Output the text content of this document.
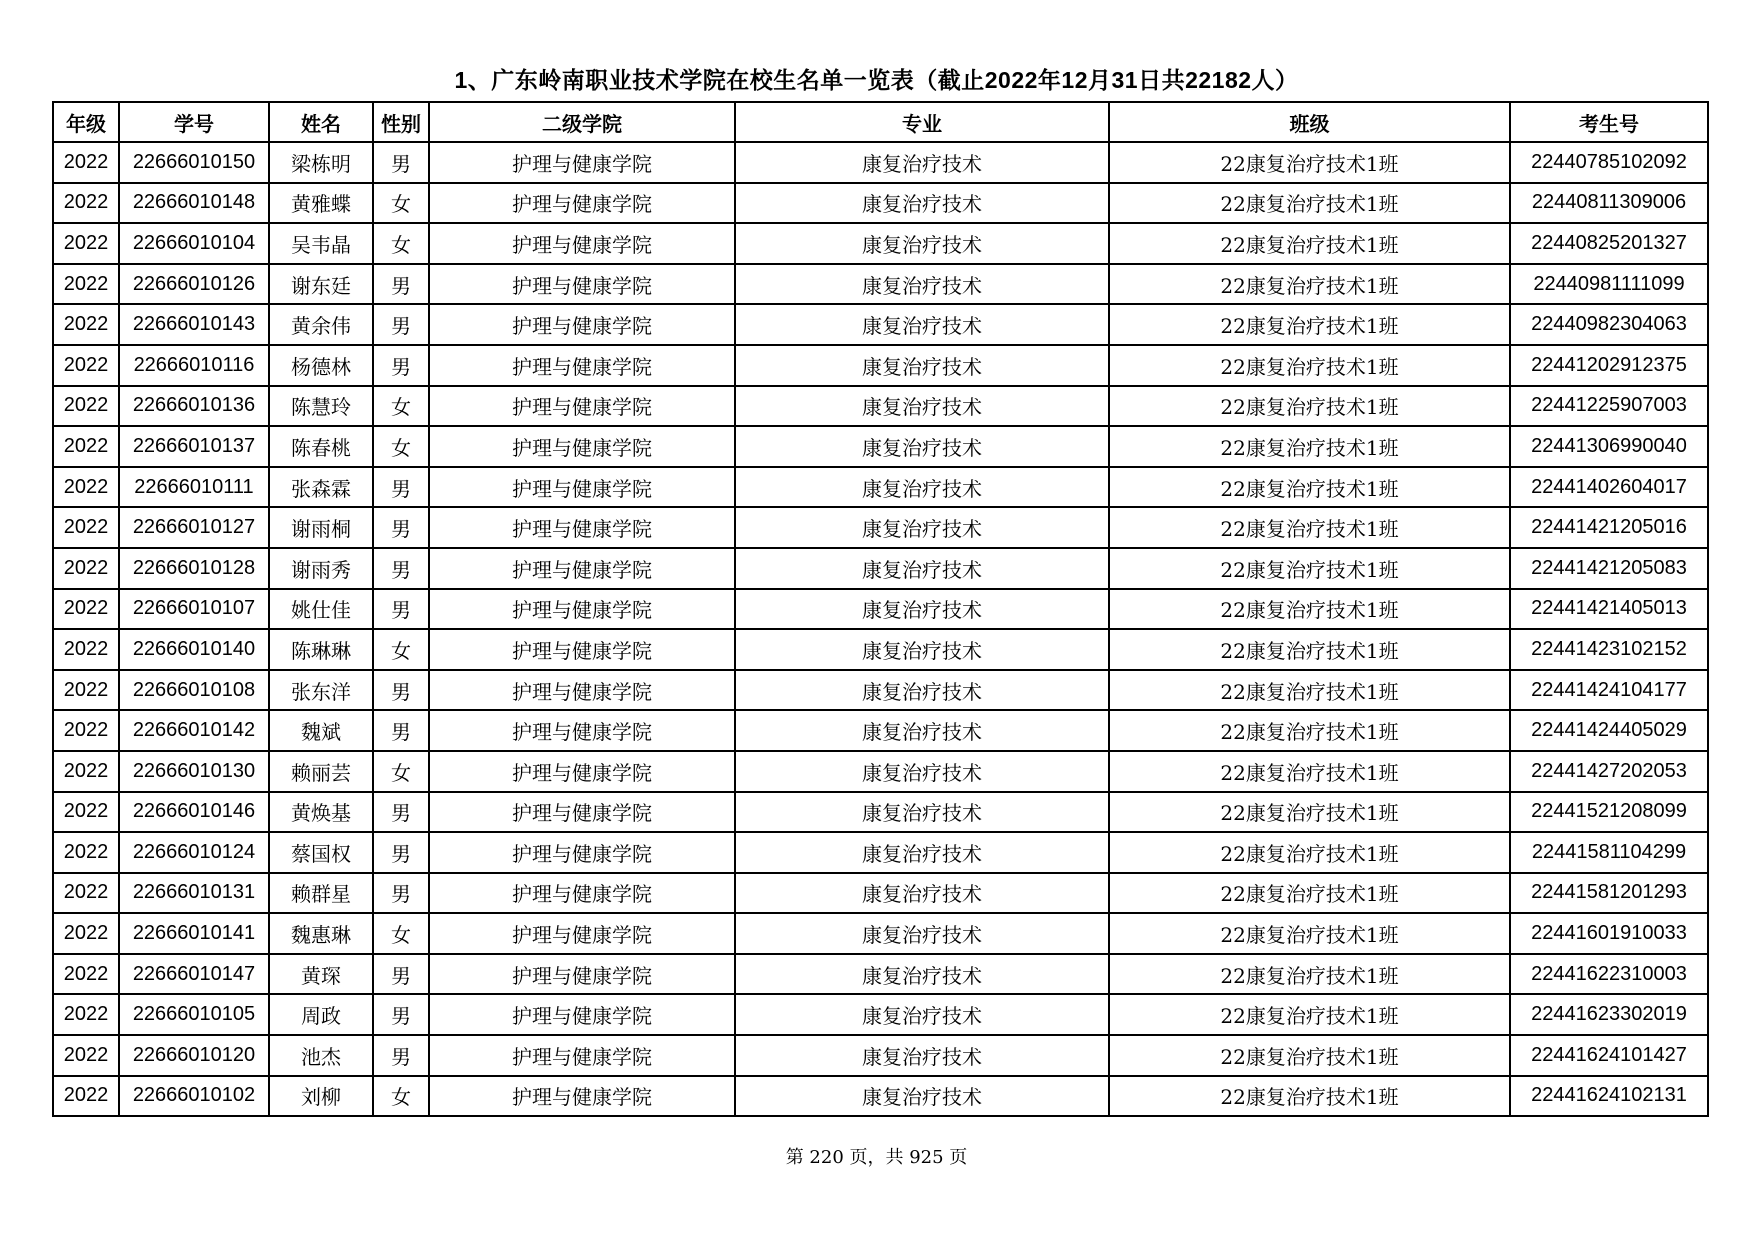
1、广东岭南职业技术学院在校生名单一览表（截止2022年12月31日共22182人）
年级	学号	姓名	性别	二级学院	专业	班级	考生号
2022	22666010150	梁栋明	男	护理与健康学院	康复治疗技术	22康复治疗技术1班	22440785102092
2022	22666010148	黄雅蝶	女	护理与健康学院	康复治疗技术	22康复治疗技术1班	22440811309006
2022	22666010104	吴韦晶	女	护理与健康学院	康复治疗技术	22康复治疗技术1班	22440825201327
2022	22666010126	谢东廷	男	护理与健康学院	康复治疗技术	22康复治疗技术1班	22440981111099
2022	22666010143	黄余伟	男	护理与健康学院	康复治疗技术	22康复治疗技术1班	22440982304063
2022	22666010116	杨德林	男	护理与健康学院	康复治疗技术	22康复治疗技术1班	22441202912375
2022	22666010136	陈慧玲	女	护理与健康学院	康复治疗技术	22康复治疗技术1班	22441225907003
2022	22666010137	陈春桃	女	护理与健康学院	康复治疗技术	22康复治疗技术1班	22441306990040
2022	22666010111	张森霖	男	护理与健康学院	康复治疗技术	22康复治疗技术1班	22441402604017
2022	22666010127	谢雨桐	男	护理与健康学院	康复治疗技术	22康复治疗技术1班	22441421205016
2022	22666010128	谢雨秀	男	护理与健康学院	康复治疗技术	22康复治疗技术1班	22441421205083
2022	22666010107	姚仕佳	男	护理与健康学院	康复治疗技术	22康复治疗技术1班	22441421405013
2022	22666010140	陈琳琳	女	护理与健康学院	康复治疗技术	22康复治疗技术1班	22441423102152
2022	22666010108	张东洋	男	护理与健康学院	康复治疗技术	22康复治疗技术1班	22441424104177
2022	22666010142	魏斌	男	护理与健康学院	康复治疗技术	22康复治疗技术1班	22441424405029
2022	22666010130	赖丽芸	女	护理与健康学院	康复治疗技术	22康复治疗技术1班	22441427202053
2022	22666010146	黄焕基	男	护理与健康学院	康复治疗技术	22康复治疗技术1班	22441521208099
2022	22666010124	蔡国权	男	护理与健康学院	康复治疗技术	22康复治疗技术1班	22441581104299
2022	22666010131	赖群星	男	护理与健康学院	康复治疗技术	22康复治疗技术1班	22441581201293
2022	22666010141	魏惠琳	女	护理与健康学院	康复治疗技术	22康复治疗技术1班	22441601910033
2022	22666010147	黄琛	男	护理与健康学院	康复治疗技术	22康复治疗技术1班	22441622310003
2022	22666010105	周政	男	护理与健康学院	康复治疗技术	22康复治疗技术1班	22441623302019
2022	22666010120	池杰	男	护理与健康学院	康复治疗技术	22康复治疗技术1班	22441624101427
2022	22666010102	刘柳	女	护理与健康学院	康复治疗技术	22康复治疗技术1班	22441624102131
第 220 页，共 925 页
